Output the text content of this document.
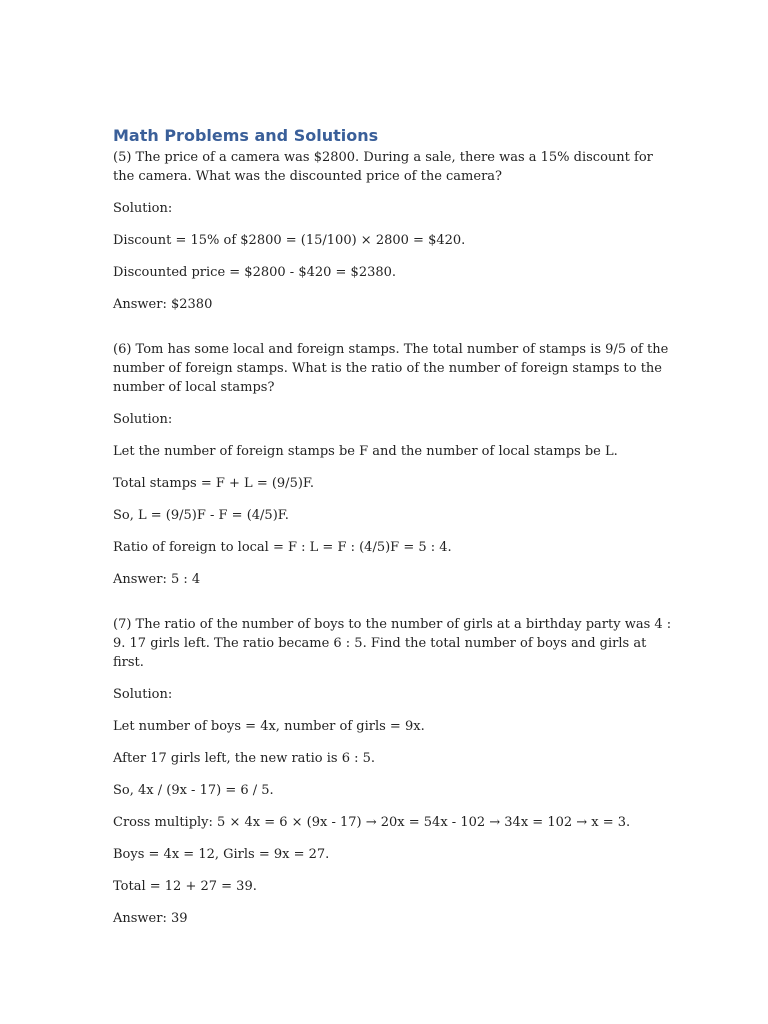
Math Problems and Solutions

(5) The price of a camera was $2800. During a sale, there was a 15% discount for the camera. What was the discounted price of the camera?

Solution:

Discount = 15% of $2800 = (15/100) × 2800 = $420.

Discounted price = $2800 - $420 = $2380.

Answer: $2380

(6) Tom has some local and foreign stamps. The total number of stamps is 9/5 of the number of foreign stamps. What is the ratio of the number of foreign stamps to the number of local stamps?

Solution:

Let the number of foreign stamps be F and the number of local stamps be L.

Total stamps = F + L = (9/5)F.

So, L = (9/5)F - F = (4/5)F.

Ratio of foreign to local = F : L = F : (4/5)F = 5 : 4.

Answer: 5 : 4

(7) The ratio of the number of boys to the number of girls at a birthday party was 4 : 9. 17 girls left. The ratio became 6 : 5. Find the total number of boys and girls at first.

Solution:

Let number of boys = 4x, number of girls = 9x.

After 17 girls left, the new ratio is 6 : 5.

So, 4x / (9x - 17) = 6 / 5.

Cross multiply: 5 × 4x = 6 × (9x - 17) → 20x = 54x - 102 → 34x = 102 → x = 3.

Boys = 4x = 12, Girls = 9x = 27.

Total = 12 + 27 = 39.

Answer: 39
